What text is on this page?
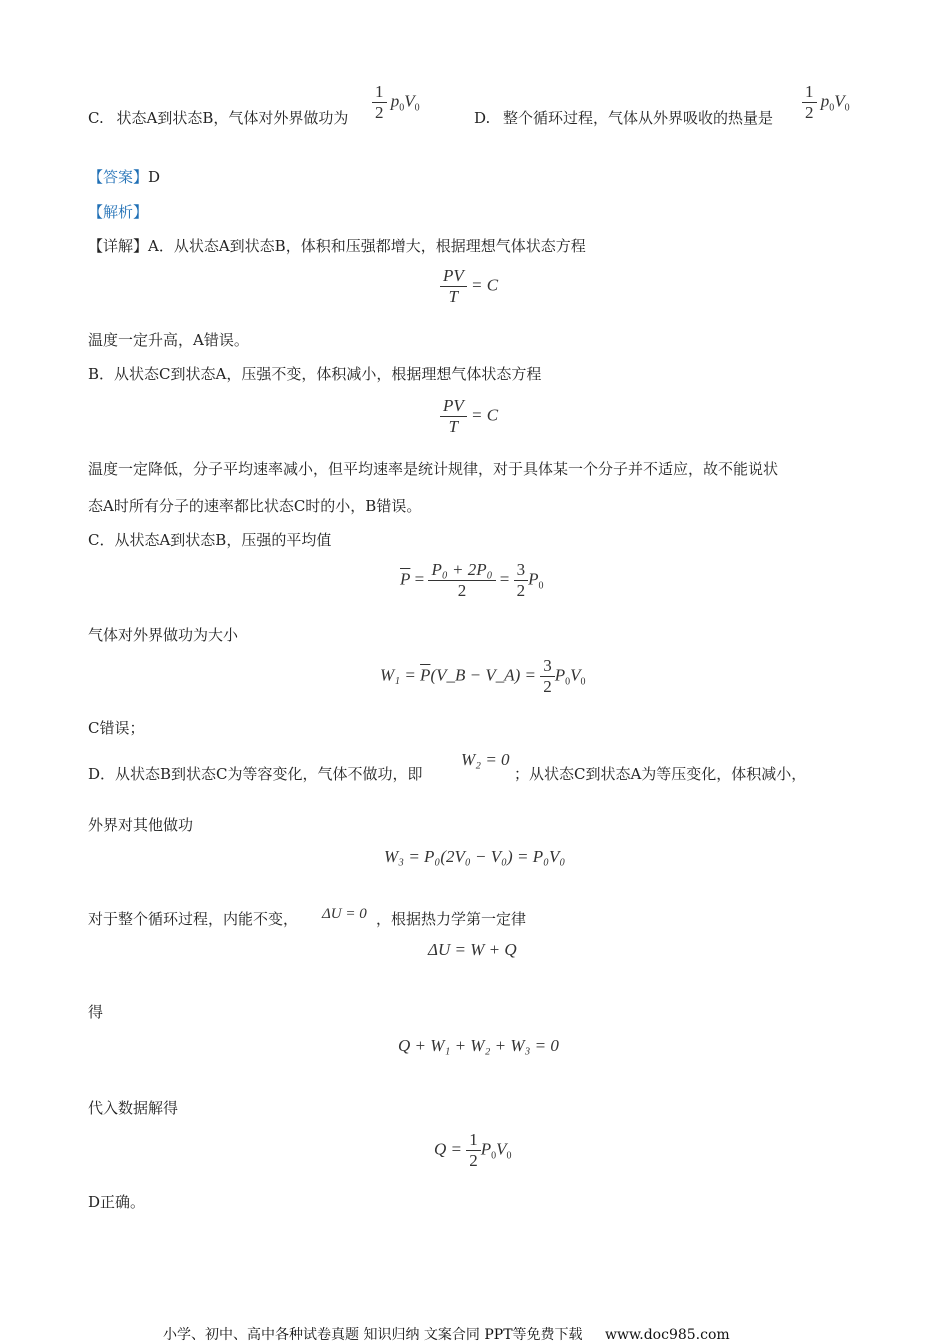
C. 状态A到状态B，气体对外界做功为 $\frac{1}{2} p_0V_0$
D. 整个循环过程，气体从外界吸收的热量是 $\frac{1}{2} p_0V_0$
【答案】D
【解析】
【详解】A．从状态A到状态B，体积和压强都增大，根据理想气体状态方程
$\frac{PV}{T} = C$
温度一定升高，A错误。
B．从状态C到状态A，压强不变，体积减小，根据理想气体状态方程
$\frac{PV}{T} = C$
温度一定降低，分子平均速率减小，但平均速率是统计规律，对于具体某一个分子并不适应，故不能说状
态A时所有分子的速率都比状态C时的小，B错误。
C．从状态A到状态B，压强的平均值
$\overline{P} = \frac{\text{P₀ + 2P₀}}{2} = \frac{3}{2} P_0$
气体对外界做功为大小
$W_1 = \overline{P}(V\_B$ − V_A) = $\frac{3}{2} P_0V_0$
C错误；
D．从状态B到状态C为等容变化，气体不做功，即
W₂ = 0
；从状态C到状态A为等压变化，体积减小，
外界对其他做功
W₃ = P₀(2V₀ − V₀) = P₀V₀
对于整个循环过程，内能不变， ΔU = 0 ，根据热力学第一定律
ΔU = W + Q
得
Q + W₁ + W₂ + W₃ = 0
代入数据解得
$Q = \frac{1}{2} P_0V_0$
D正确。
小学、初中、高中各种试卷真题 知识归纳 文案合同 PPT等免费下载 www.doc985.com
